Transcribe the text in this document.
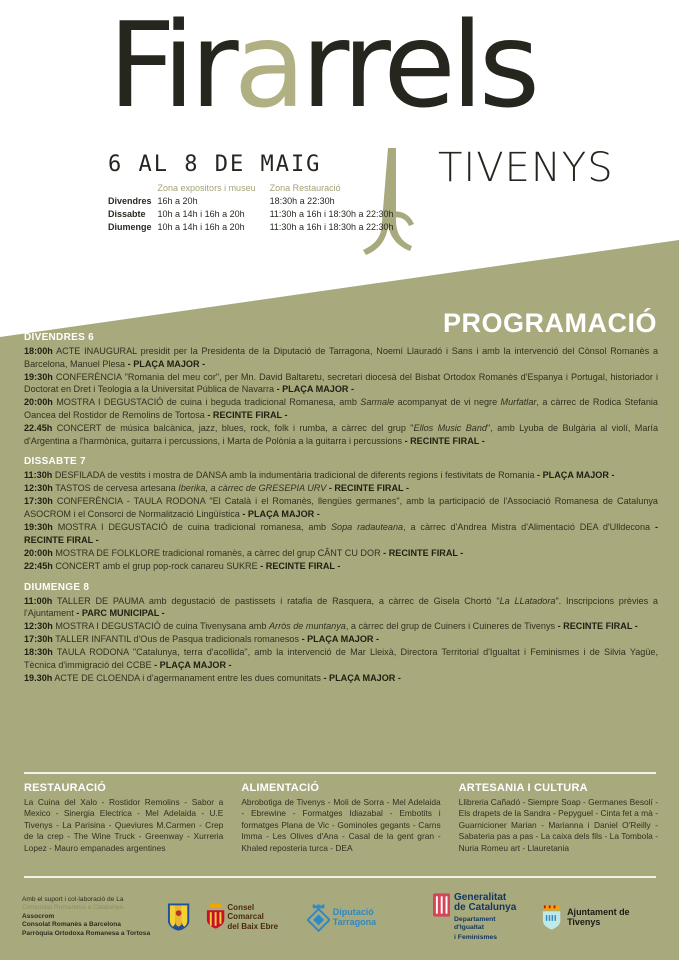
Firarrels
TIVENYS
6 AL 8 DE MAIG
	Zona expositors i museu	Zona Restauració
Divendres	16h a 20h	18:30h a 22:30h
Dissabte	10h a 14h i 16h a 20h	11:30h a 16h i 18:30h a 22:30h
Diumenge	10h a 14h i 16h a 20h	11:30h a 16h i 18:30h a 22:30h
PROGRAMACIÓ
DIVENDRES 6

18:00h ACTE INAUGURAL presidit per la Presidenta de la Diputació de Tarragona, Noemí Llauradó i Sans i amb la intervenció del Cònsol Romanès a Barcelona, Manuel Plesa - PLAÇA MAJOR -

19:30h CONFERÈNCIA "Romania del meu cor", per Mn. David Baltaretu, secretari diocesà del Bisbat Ortodox Romanès d'Espanya i Portugal, historiador i Doctorat en Dret i Teologia a la Universitat Pública de Navarra - PLAÇA MAJOR -

20:00h MOSTRA I DEGUSTACIÓ de cuina i beguda tradicional Romanesa, amb Sarmale acompanyat de vi negre Murfatlar, a càrrec de Rodica Stefania Oancea del Rostidor de Remolins de Tortosa - RECINTE FIRAL -

22.45h CONCERT de música balcànica, jazz, blues, rock, folk i rumba, a càrrec del grup "Ellos Music Band", amb Lyuba de Bulgària al violí, María d'Argentina a l'harmònica, guitarra i percussions, i Marta de Polònia a la guitarra i percussions - RECINTE FIRAL -

DISSABTE 7

11:30h DESFILADA de vestits i mostra de DANSA amb la indumentària tradicional de diferents regions i festivitats de Romania - PLAÇA MAJOR -

12:30h TASTOS de cervesa artesana Iberika, a càrrec de GRESEPIA URV - RECINTE FIRAL -

17:30h CONFERÈNCIA - TAULA RODONA "El Català i el Romanès, llengües germanes", amb la participació de l'Associació Romanesa de Catalunya ASOCROM i el Consorci de Normalització Lingüística - PLAÇA MAJOR -

19:30h MOSTRA I DEGUSTACIÓ de cuina tradicional romanesa, amb Sopa radauteana, a càrrec d'Andrea Mistra d'Alimentació DEA d'Ulldecona - RECINTE FIRAL -

20:00h MOSTRA DE FOLKLORE tradicional romanès, a càrrec del grup CÂNT CU DOR - RECINTE FIRAL -

22:45h CONCERT amb el grup pop-rock canareu SUKRE - RECINTE FIRAL -

DIUMENGE 8

11:00h TALLER DE PAUMA amb degustació de pastissets i ratafia de Rasquera, a càrrec de Gisela Chortó "La LLatadora". Inscripcions prèvies a l'Ajuntament - PARC MUNICIPAL -

12:30h MOSTRA I DEGUSTACIÓ de cuina Tivenysana amb Arròs de muntanya, a càrrec del grup de Cuiners i Cuineres de Tivenys - RECINTE FIRAL -

17:30h TALLER INFANTIL d'Ous de Pasqua tradicionals romanesos - PLAÇA MAJOR -

18:30h TAULA RODONA "Catalunya, terra d'acollida", amb la intervenció de Mar Lleixà, Directora Territorial d'Igualtat i Feminismes i de Silvia Yagüe, Tècnica d'immigració del CCBE - PLAÇA MAJOR -

19.30h ACTE DE CLOENDA i d'agermanament entre les dues comunitats - PLAÇA MAJOR -

RESTAURACIÓ

La Cuina del Xalo - Rostidor Remolins - Sabor a Mexico - Sinergia Electrica - Mel Adelaida - U.E Tivenys - La Parisina - Queviures M.Carmen - Crep de la crep - The Wine Truck - Greenway - Xurreria Lopez - Mauro empanades argentines

ALIMENTACIÓ

Abrobotiga de Tivenys - Moli de Sorra - Mel Adelaida - Ebrewine - Formatges Idiazabal - Embotits i formatges Plana de Vic - Gominoles gegants - Carns Imma - Les Olives d'Ana - Casal de la gent gran - Khaled reposteria turca - DEA

ARTESANIA I CULTURA

Llibreria Cañadó - Siempre Soap - Germanes Besolí - Els drapets de la Sandra - Pepyguel - Cinta fet a mà - Guarnicioner Marian - Marianna i Daniel O'Reilly - Sabateria pas a pas - La caixa dels fils - La Tombola - Nuria Romeu art - Llauretania

Amb el suport i col·laboració de La
Comunitat Romanesa a Catalunya.
Assocrom
Consolat Romanès a Barcelona
Parròquia Ortodoxa Romanesa a Tortosa
Consel Comarcal
del Baix Ebre
Diputació Tarragona
Generalitat
de Catalunya
Departament d'Igualtat
i Feminismes
Ajuntament de Tivenys
